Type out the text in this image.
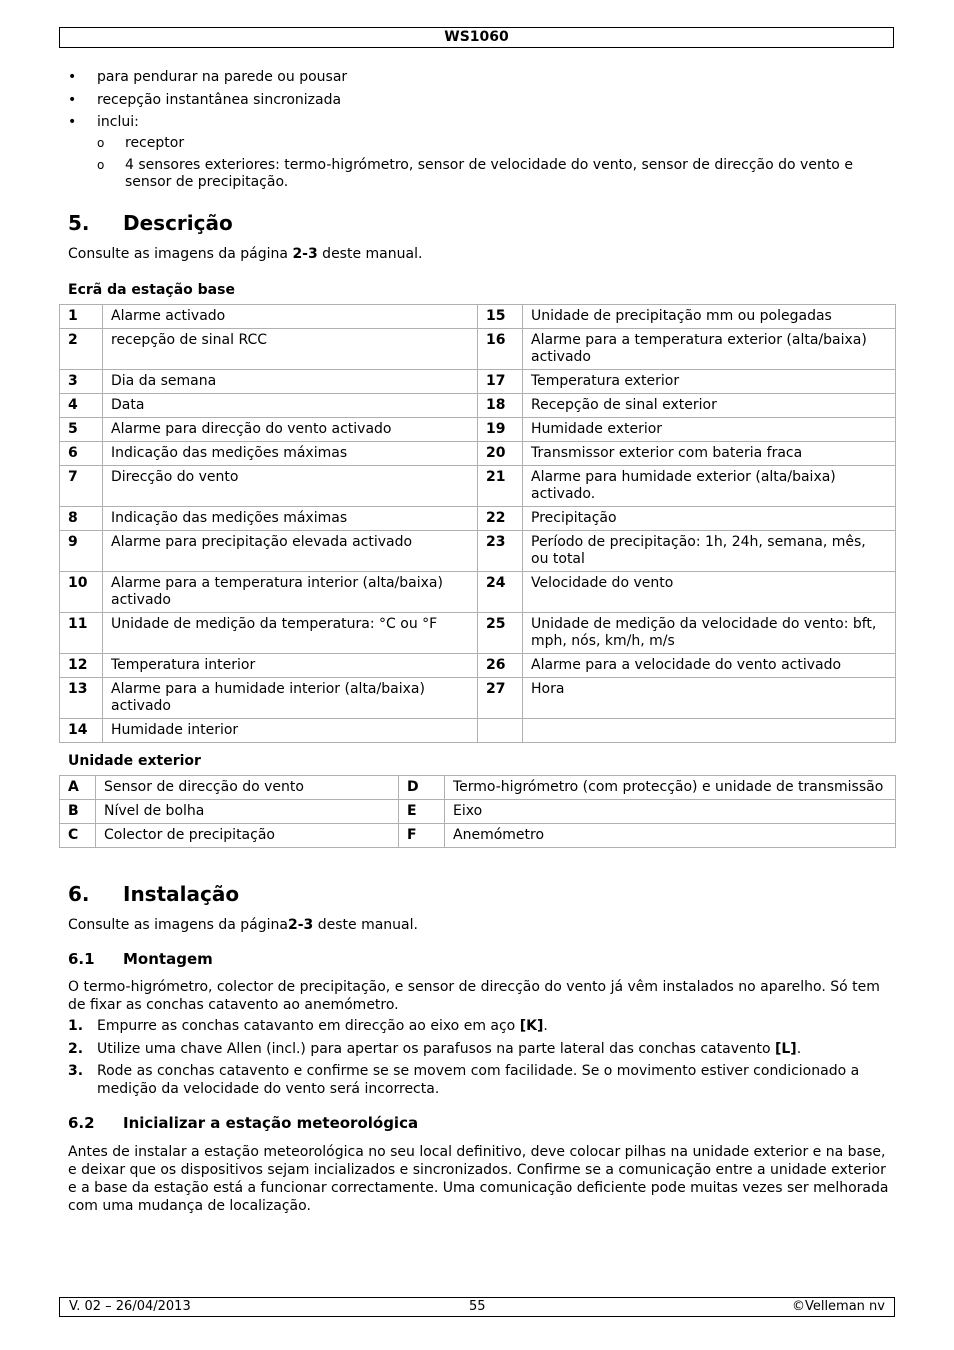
WS1060
• para pendurar na parede ou pousar
• recepção instantânea sincronizada
• inclui:
o receptor
o 4 sensores exteriores: termo-higrómetro, sensor de velocidade do vento, sensor de direcção do vento e sensor de precipitação.
5. Descrição

Consulte as imagens da página 2-3 deste manual.

Ecrã da estação base

1	Alarme activado	15	Unidade de precipitação mm ou polegadas
2	recepção de sinal RCC	16	Alarme para a temperatura exterior (alta/baixa) activado
3	Dia da semana	17	Temperatura exterior
4	Data	18	Recepção de sinal exterior
5	Alarme para direcção do vento activado	19	Humidade exterior
6	Indicação das medições máximas	20	Transmissor exterior com bateria fraca
7	Direcção do vento	21	Alarme para humidade exterior (alta/baixa) activado.
8	Indicação das medições máximas	22	Precipitação
9	Alarme para precipitação elevada activado	23	Período de precipitação: 1h, 24h, semana, mês, ou total
10	Alarme para a temperatura interior (alta/baixa) activado	24	Velocidade do vento
11	Unidade de medição da temperatura: °C ou °F	25	Unidade de medição da velocidade do vento: bft, mph, nós, km/h, m/s
12	Temperatura interior	26	Alarme para a velocidade do vento activado
13	Alarme para a humidade interior (alta/baixa) activado	27	Hora
14	Humidade interior		

Unidade exterior

A	Sensor de direcção do vento	D	Termo-higrómetro (com protecção) e unidade de transmissão
B	Nível de bolha	E	Eixo
C	Colector de precipitação	F	Anemómetro
6. Instalação

Consulte as imagens da página2-3 deste manual.

6.1 Montagem

O termo-higrómetro, colector de precipitação, e sensor de direcção do vento já vêm instalados no aparelho. Só tem de fixar as conchas catavento ao anemómetro.

1. Empurre as conchas catavanto em direcção ao eixo em aço [K].
2. Utilize uma chave Allen (incl.) para apertar os parafusos na parte lateral das conchas catavento [L].
3. Rode as conchas catavento e confirme se se movem com facilidade. Se o movimento estiver condicionado a medição da velocidade do vento será incorrecta.
6.2 Inicializar a estação meteorológica

Antes de instalar a estação meteorológica no seu local definitivo, deve colocar pilhas na unidade exterior e na base, e deixar que os dispositivos sejam incializados e sincronizados. Confirme se a comunicação entre a unidade exterior e a base da estação está a funcionar correctamente. Uma comunicação deficiente pode muitas vezes ser melhorada com uma mudança de localização.

V. 02 – 26/04/2013	55	©Velleman nv
